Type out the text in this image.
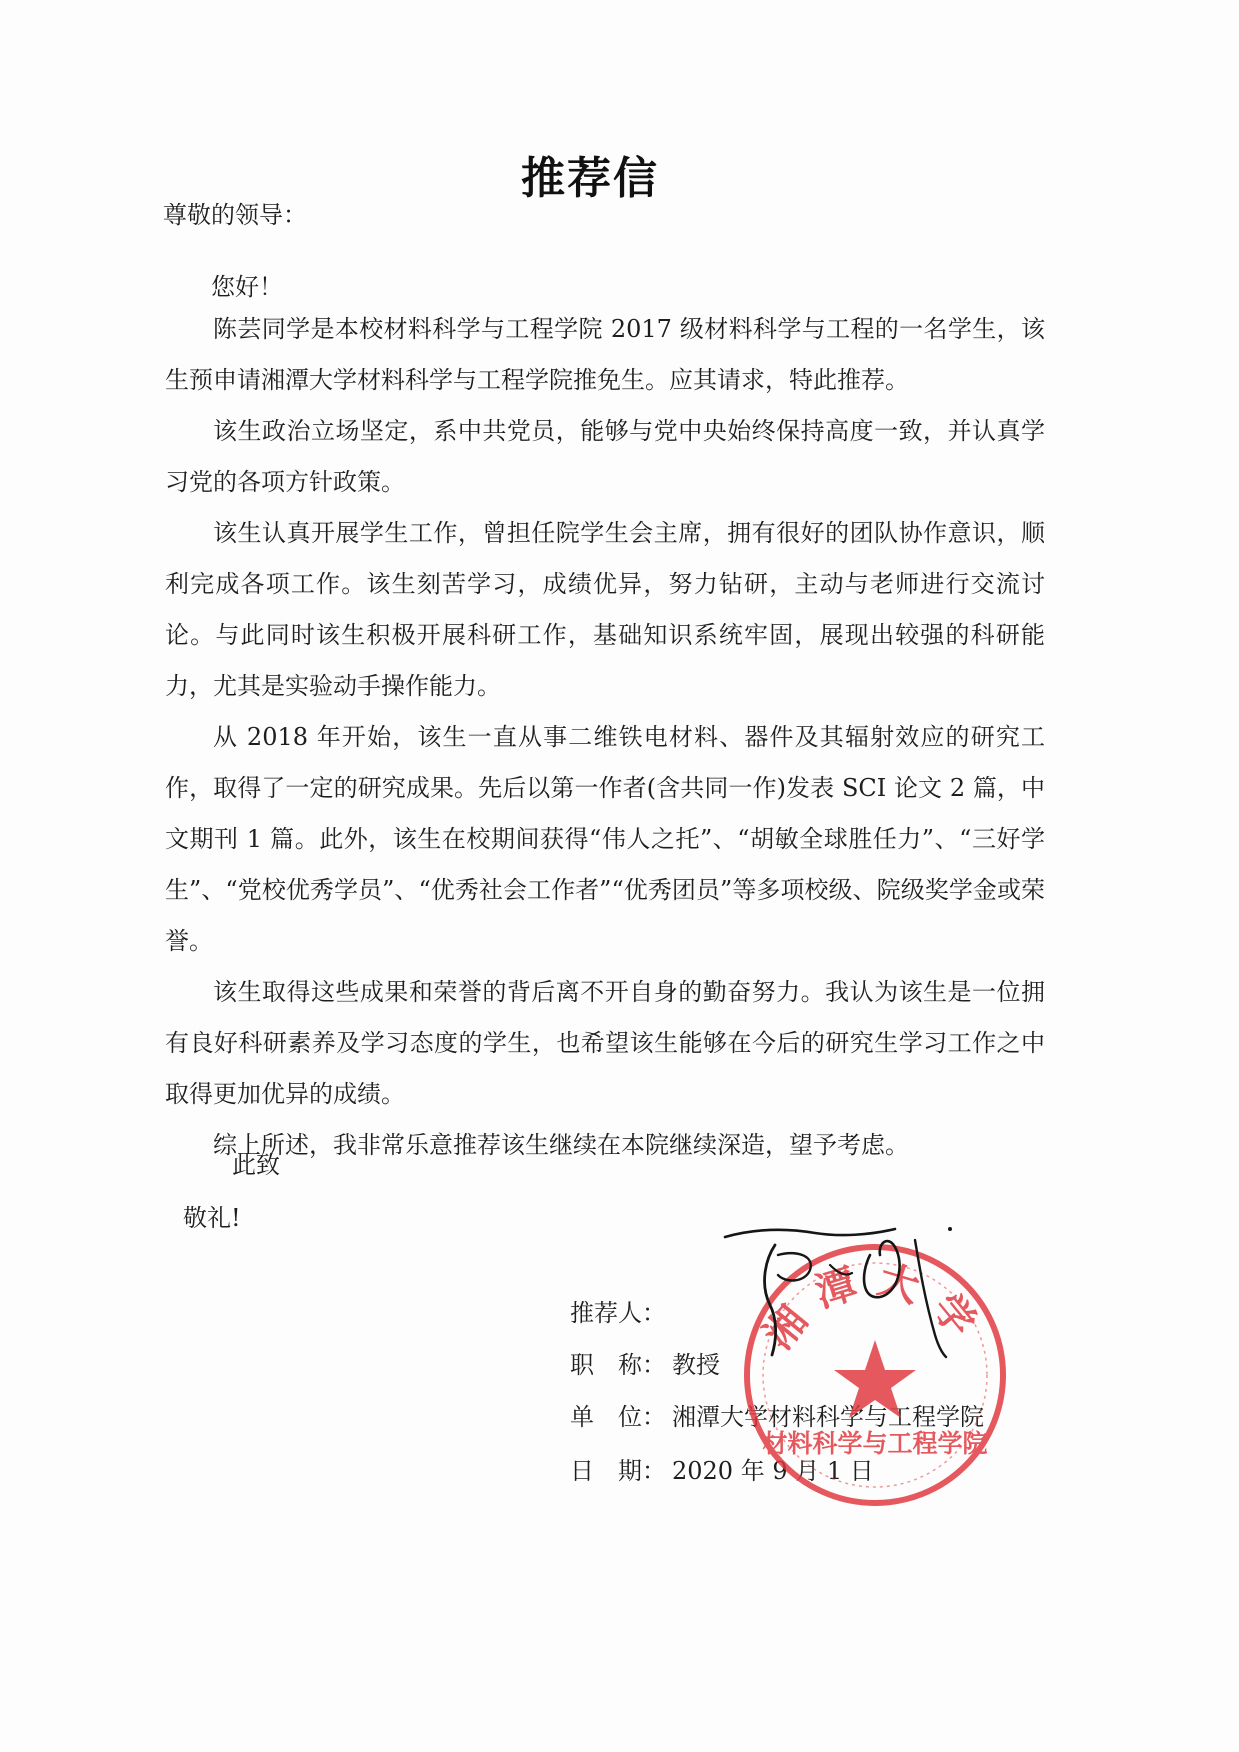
推荐信
尊敬的领导：
您好！

陈芸同学是本校材料科学与工程学院 2017 级材料科学与工程的一名学生，该生预申请湘潭大学材料科学与工程学院推免生。应其请求，特此推荐。

该生政治立场坚定，系中共党员，能够与党中央始终保持高度一致，并认真学习党的各项方针政策。

该生认真开展学生工作，曾担任院学生会主席，拥有很好的团队协作意识，顺利完成各项工作。该生刻苦学习，成绩优异，努力钻研，主动与老师进行交流讨论。与此同时该生积极开展科研工作，基础知识系统牢固，展现出较强的科研能力，尤其是实验动手操作能力。

从 2018 年开始，该生一直从事二维铁电材料、器件及其辐射效应的研究工作，取得了一定的研究成果。先后以第一作者(含共同一作)发表 SCI 论文 2 篇，中文期刊 1 篇。此外，该生在校期间获得“伟人之托”、“胡敏全球胜任力”、“三好学生”、“党校优秀学员”、“优秀社会工作者”“优秀团员”等多项校级、院级奖学金或荣誉。

该生取得这些成果和荣誉的背后离不开自身的勤奋努力。我认为该生是一位拥有良好科研素养及学习态度的学生，也希望该生能够在今后的研究生学习工作之中取得更加优异的成绩。

综上所述，我非常乐意推荐该生继续在本院继续深造，望予考虑。

此致
敬礼!
推荐人：
职　称： 教授
单　位： 湘潭大学材料科学与工程学院
日　期： 2020 年 9 月 1 日
湘潭大学
材料科学与工程学院
